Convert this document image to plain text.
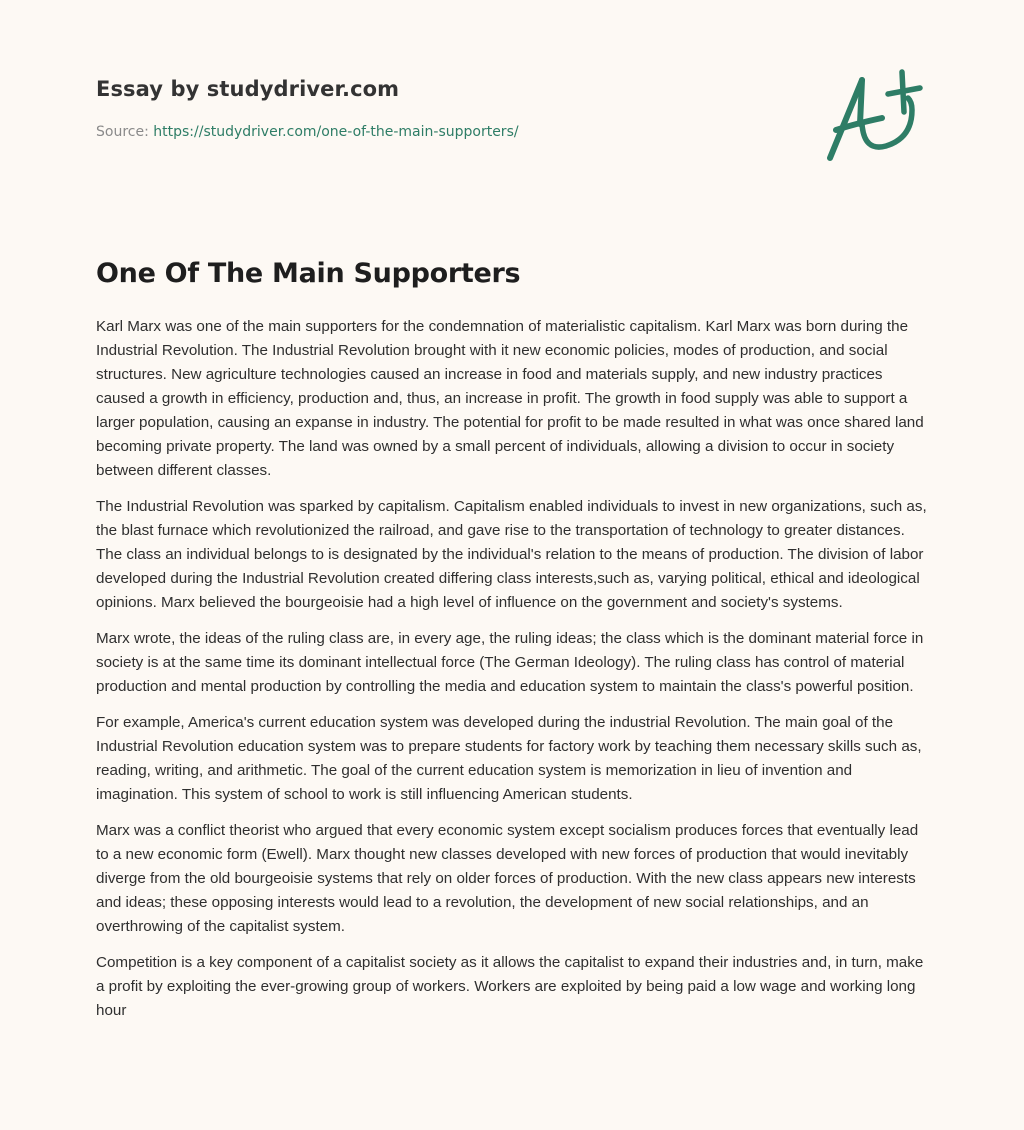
Essay by studydriver.com
Source: https://studydriver.com/one-of-the-main-supporters/
One Of The Main Supporters

Karl Marx was one of the main supporters for the condemnation of materialistic capitalism. Karl Marx was born during the Industrial Revolution. The Industrial Revolution brought with it new economic policies, modes of production, and social structures. New agriculture technologies caused an increase in food and materials supply, and new industry practices caused a growth in efficiency, production and, thus, an increase in profit. The growth in food supply was able to support a larger population, causing an expanse in industry. The potential for profit to be made resulted in what was once shared land becoming private property. The land was owned by a small percent of individuals, allowing a division to occur in society between different classes.

The Industrial Revolution was sparked by capitalism. Capitalism enabled individuals to invest in new organizations, such as, the blast furnace which revolutionized the railroad, and gave rise to the transportation of technology to greater distances. The class an individual belongs to is designated by the individual's relation to the means of production. The division of labor developed during the Industrial Revolution created differing class interests,such as, varying political, ethical and ideological opinions. Marx believed the bourgeoisie had a high level of influence on the government and society's systems.

Marx wrote, the ideas of the ruling class are, in every age, the ruling ideas; the class which is the dominant material force in society is at the same time its dominant intellectual force (The German Ideology). The ruling class has control of material production and mental production by controlling the media and education system to maintain the class's powerful position.

For example, America's current education system was developed during the industrial Revolution. The main goal of the Industrial Revolution education system was to prepare students for factory work by teaching them necessary skills such as, reading, writing, and arithmetic. The goal of the current education system is memorization in lieu of invention and imagination. This system of school to work is still influencing American students.

Marx was a conflict theorist who argued that every economic system except socialism produces forces that eventually lead to a new economic form (Ewell). Marx thought new classes developed with new forces of production that would inevitably diverge from the old bourgeoisie systems that rely on older forces of production. With the new class appears new interests and ideas; these opposing interests would lead to a revolution, the development of new social relationships, and an overthrowing of the capitalist system.

Competition is a key component of a capitalist society as it allows the capitalist to expand their industries and, in turn, make a profit by exploiting the ever-growing group of workers. Workers are exploited by being paid a low wage and working long hour
